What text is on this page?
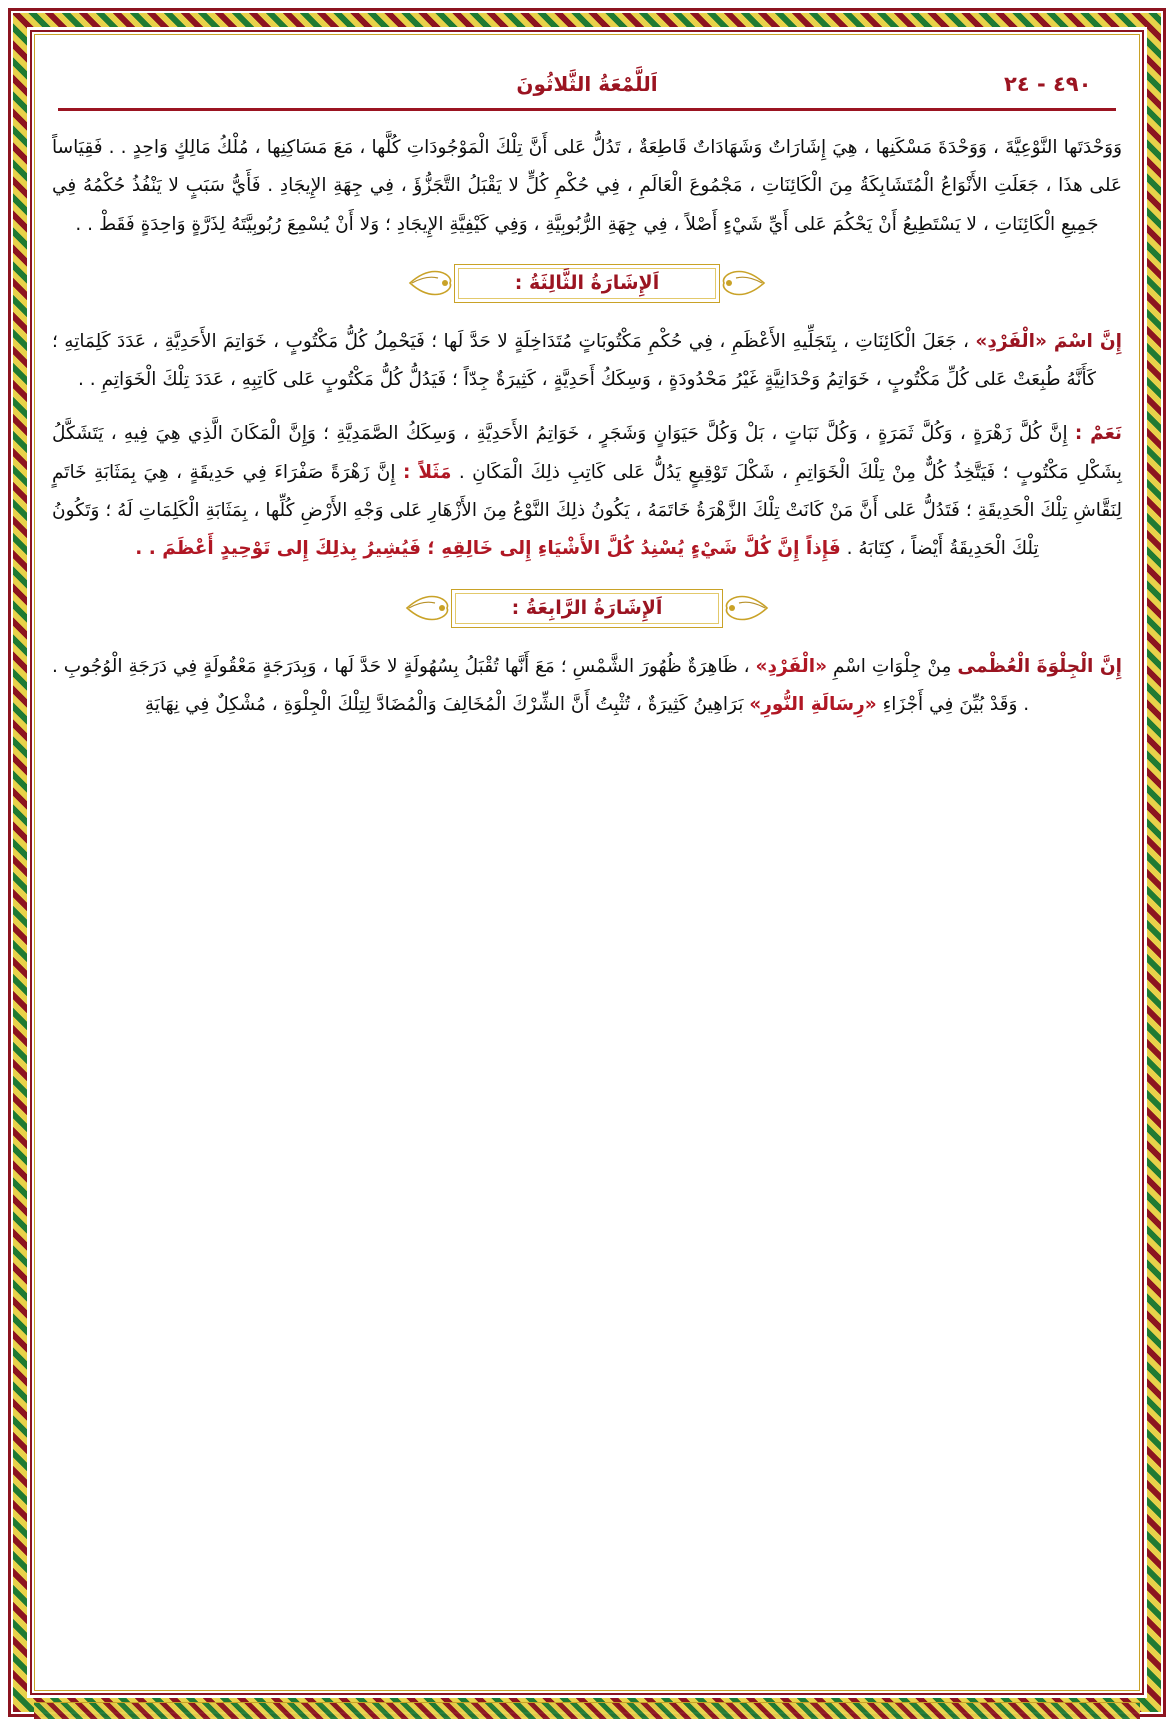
٤٩٠ - ٢٤
اَللَّمْعَةُ الثَّلاثُونَ

وَوَحْدَتَها النَّوْعِيَّةَ ، وَوَحْدَةَ مَسْكَنِها ، هِيَ إِشَارَاتٌ وَشَهَادَاتٌ قَاطِعَةٌ ، تَدُلُّ عَلى أَنَّ تِلْكَ الْمَوْجُودَاتِ كُلَّها ، مَعَ مَسَاكِنِها ، مُلْكُ مَالِكٍ وَاحِدٍ . . فَقِيَاساً عَلى هذَا ، جَعَلَتِ الأَنْوَاعُ الْمُتَشَابِكَةُ مِنَ الْكَائِنَاتِ ، مَجْمُوعَ الْعَالَمِ ، فِي حُكْمِ كُلٍّ لا يَقْبَلُ التَّجَزُّؤَ ، فِي جِهَةِ الإِيجَادِ . فَأَيُّ سَبَبٍ لا يَنْفُذُ حُكْمُهُ فِي جَمِيعِ الْكَائِنَاتِ ، لا يَسْتَطِيعُ أَنْ يَحْكُمَ عَلى أَيِّ شَيْءٍ أَصْلاً ، فِي جِهَةِ الرُّبُوبِيَّةِ ، وَفِي كَيْفِيَّةِ الإِيجَادِ ؛ وَلا أَنْ يُسْمِعَ رُبُوبِيَّتَهُ لِذَرَّةٍ وَاحِدَةٍ فَقَطْ . .

اَلإِشَارَةُ الثَّالِثَةُ :

إِنَّ اسْمَ «الْفَرْدِ» ، جَعَلَ الْكَائِنَاتِ ، بِتَجَلِّيهِ الأَعْظَمِ ، فِي حُكْمِ مَكْتُوبَاتٍ مُتَدَاخِلَةٍ لا حَدَّ لَها ؛ فَيَحْمِلُ كُلُّ مَكْتُوبٍ ، خَوَاتِمَ الأَحَدِيَّةِ ، عَدَدَ كَلِمَاتِهِ ؛ كَأَنَّهُ طُبِعَتْ عَلى كُلِّ مَكْتُوبٍ ، خَوَاتِمُ وَحْدَانِيَّةٍ غَيْرُ مَحْدُودَةٍ ، وَسِكَكُ أَحَدِيَّةٍ ، كَثِيرَةٌ جِدّاً ؛ فَيَدُلُّ كُلُّ مَكْتُوبٍ عَلى كَاتِبِهِ ، عَدَدَ تِلْكَ الْخَوَاتِمِ . .

نَعَمْ : إِنَّ كُلَّ زَهْرَةٍ ، وَكُلَّ ثَمَرَةٍ ، وَكُلَّ نَبَاتٍ ، بَلْ وَكُلَّ حَيَوَانٍ وَشَجَرٍ ، خَوَاتِمُ الأَحَدِيَّةِ ، وَسِكَكُ الصَّمَدِيَّةِ ؛ وَإِنَّ الْمَكَانَ الَّذِي هِيَ فِيهِ ، يَتَشَكَّلُ بِشَكْلِ مَكْتُوبٍ ؛ فَيَتَّخِذُ كُلٌّ مِنْ تِلْكَ الْخَوَاتِمِ ، شَكْلَ تَوْقِيعٍ يَدُلُّ عَلى كَاتِبِ ذلِكَ الْمَكَانِ . مَثَلاً : إِنَّ زَهْرَةً صَفْرَاءَ فِي حَدِيقَةٍ ، هِيَ بِمَثَابَةِ خَاتَمٍ لِنَقَّاشِ تِلْكَ الْحَدِيقَةِ ؛ فَتَدُلُّ عَلى أَنَّ مَنْ كَانَتْ تِلْكَ الزَّهْرَةُ خَاتَمَهُ ، يَكُونُ ذلِكَ النَّوْعُ مِنَ الأَزْهَارِ عَلى وَجْهِ الأَرْضِ كُلِّها ، بِمَثَابَةِ الْكَلِمَاتِ لَهُ ؛ وَتَكُونُ تِلْكَ الْحَدِيقَةُ أَيْضاً ، كِتَابَهُ . فَإِذاً إِنَّ كُلَّ شَيْءٍ يُسْنِدُ كُلَّ الأَشْيَاءِ إِلى خَالِقِهِ ؛ فَيُشِيرُ بِذلِكَ إِلى تَوْحِيدٍ أَعْظَمَ . .

اَلإِشَارَةُ الرَّابِعَةُ :

إِنَّ الْجِلْوَةَ الْعُظْمى مِنْ جِلْوَاتِ اسْمِ «الْفَرْدِ» ، ظَاهِرَةٌ ظُهُورَ الشَّمْسِ ؛ مَعَ أَنَّها تُقْبَلُ بِسُهُولَةٍ لا حَدَّ لَها ، وَبِدَرَجَةٍ مَعْقُولَةٍ فِي دَرَجَةِ الْوُجُوبِ . . وَقَدْ بُيِّنَ فِي أَجْزَاءِ «رِسَالَةِ النُّورِ» بَرَاهِينُ كَثِيرَةٌ ، تُثْبِتُ أَنَّ الشِّرْكَ الْمُخَالِفَ وَالْمُضَادَّ لِتِلْكَ الْجِلْوَةِ ، مُشْكِلٌ فِي نِهَايَةِ
